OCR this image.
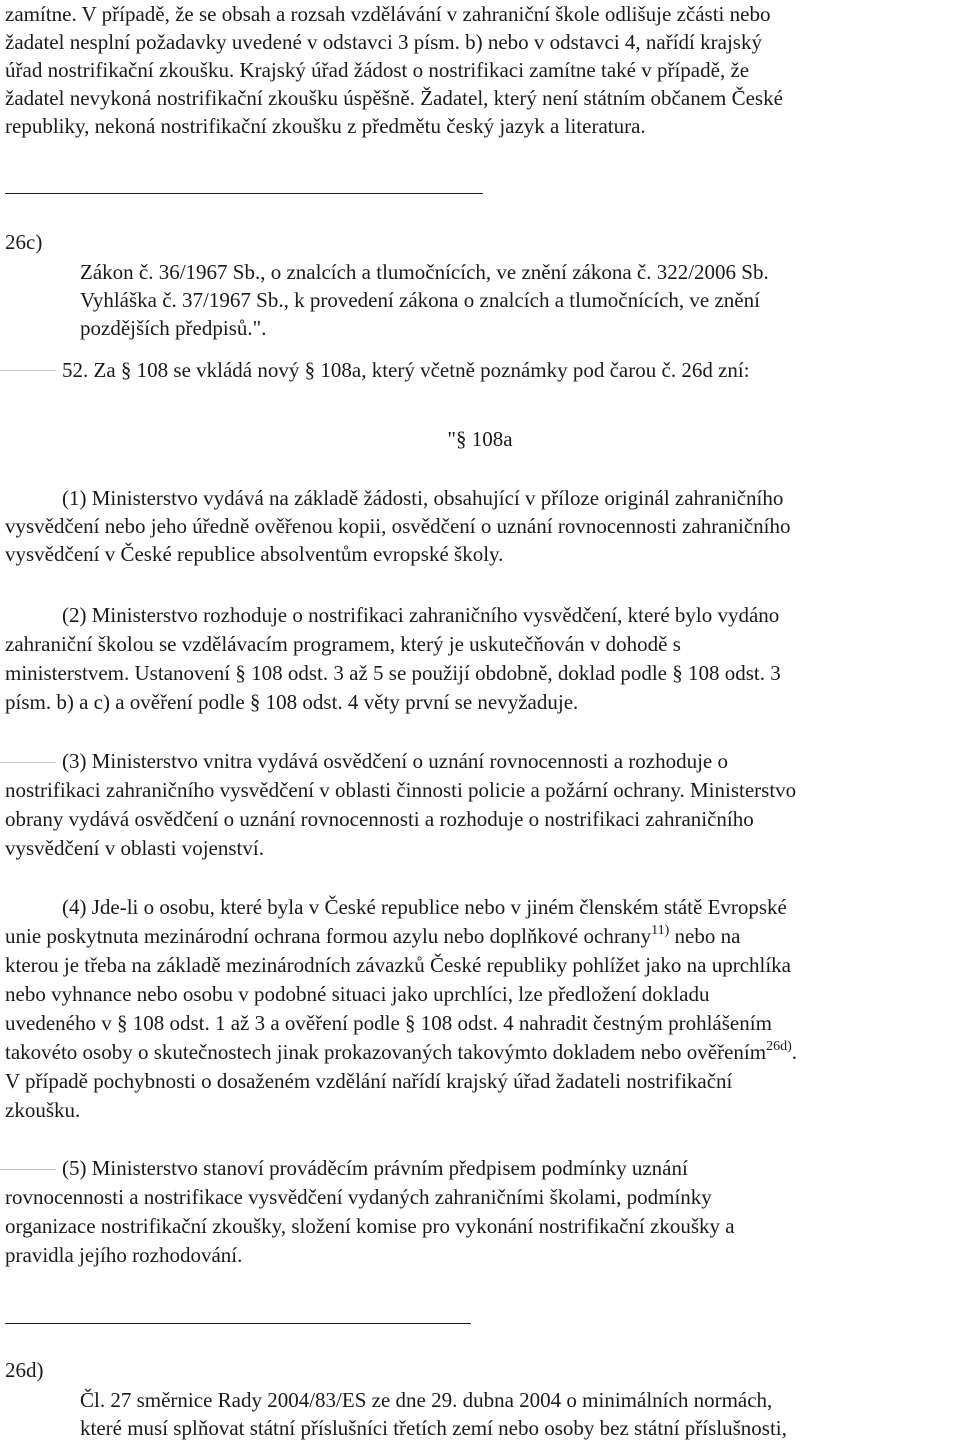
zamítne. V případě, že se obsah a rozsah vzdělávání v zahraniční škole odlišuje zčásti nebo

žadatel nesplní požadavky uvedené v odstavci 3 písm. b) nebo v odstavci 4, nařídí krajský

úřad nostrifikační zkoušku. Krajský úřad žádost o nostrifikaci zamítne také v případě, že

žadatel nevykoná nostrifikační zkoušku úspěšně. Žadatel, který není státním občanem České

republiky, nekoná nostrifikační zkoušku z předmětu český jazyk a literatura.

26c)

Zákon č. 36/1967 Sb., o znalcích a tlumočnících, ve znění zákona č. 322/2006 Sb.

Vyhláška č. 37/1967 Sb., k provedení zákona o znalcích a tlumočnících, ve znění

pozdějších předpisů.".

52. Za § 108 se vkládá nový § 108a, který včetně poznámky pod čarou č. 26d zní:

"§ 108a

(1) Ministerstvo vydává na základě žádosti, obsahující v příloze originál zahraničního

vysvědčení nebo jeho úředně ověřenou kopii, osvědčení o uznání rovnocennosti zahraničního

vysvědčení v České republice absolventům evropské školy.

(2) Ministerstvo rozhoduje o nostrifikaci zahraničního vysvědčení, které bylo vydáno

zahraniční školou se vzdělávacím programem, který je uskutečňován v dohodě s

ministerstvem. Ustanovení § 108 odst. 3 až 5 se použijí obdobně, doklad podle § 108 odst. 3

písm. b) a c) a ověření podle § 108 odst. 4 věty první se nevyžaduje.

(3) Ministerstvo vnitra vydává osvědčení o uznání rovnocennosti a rozhoduje o

nostrifikaci zahraničního vysvědčení v oblasti činnosti policie a požární ochrany. Ministerstvo

obrany vydává osvědčení o uznání rovnocennosti a rozhoduje o nostrifikaci zahraničního

vysvědčení v oblasti vojenství.

(4) Jde-li o osobu, které byla v České republice nebo v jiném členském státě Evropské

unie poskytnuta mezinárodní ochrana formou azylu nebo doplňkové ochrany$^{11)}$ nebo na

kterou je třeba na základě mezinárodních závazků České republiky pohlížet jako na uprchlíka

nebo vyhnance nebo osobu v podobné situaci jako uprchlíci, lze předložení dokladu

uvedeného v § 108 odst. 1 až 3 a ověření podle § 108 odst. 4 nahradit čestným prohlášením

takovéto osoby o skutečnostech jinak prokazovaných takovýmto dokladem nebo ověřením$^{26d)}$.

V případě pochybnosti o dosaženém vzdělání nařídí krajský úřad žadateli nostrifikační

zkoušku.

(5) Ministerstvo stanoví prováděcím právním předpisem podmínky uznání

rovnocennosti a nostrifikace vysvědčení vydaných zahraničními školami, podmínky

organizace nostrifikační zkoušky, složení komise pro vykonání nostrifikační zkoušky a

pravidla jejího rozhodování.

26d)

Čl. 27 směrnice Rady 2004/83/ES ze dne 29. dubna 2004 o minimálních normách,

které musí splňovat státní příslušníci třetích zemí nebo osoby bez státní příslušnosti,
